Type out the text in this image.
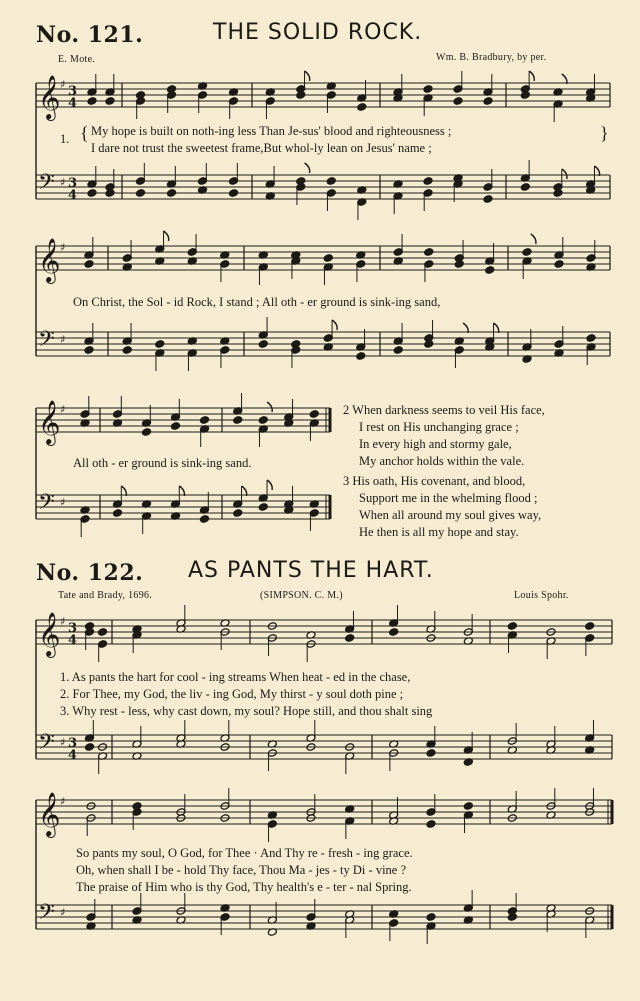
𝄞
𝄢
♯
♯
3
4
3
4
𝄞
𝄢
♯
♯
𝄞
𝄢
♯
♯
𝄞
𝄢
♯
♯
3
4
3
4
𝄞
𝄢
♯
♯
No. 121.	THE SOLID ROCK.
E. Mote.	Wm. B. Bradbury, by per.
1. { My hope is built on noth-ing less Than Je-sus' blood and righteousness ;
I dare not trust the sweetest frame,But whol-ly lean on Jesus' name ;
}
On Christ, the Sol - id Rock, I stand ; All oth - er ground is sink-ing sand,
All oth - er ground is sink-ing sand.
2 When darkness seems to veil His face,
I rest on His unchanging grace ;
In every high and stormy gale,
My anchor holds within the vale.
3 His oath, His covenant, and blood,
Support me in the whelming flood ;
When all around my soul gives way,
He then is all my hope and stay.
No. 122. AS PANTS THE HART.
Tate and Brady, 1696.	(SIMPSON. C. M.)	Louis Spohr.
1. As pants the hart for cool - ing streams When heat - ed in the chase,
2. For Thee, my God, the liv - ing God, My thirst - y soul doth pine ;
3. Why rest - less, why cast down, my soul? Hope still, and thou shalt sing
So pants my soul, O God, for Thee · And Thy re - fresh - ing grace.
Oh, when shall I be - hold Thy face, Thou Ma - jes - ty Di - vine ?
The praise of Him who is thy God, Thy health's e - ter - nal Spring.
